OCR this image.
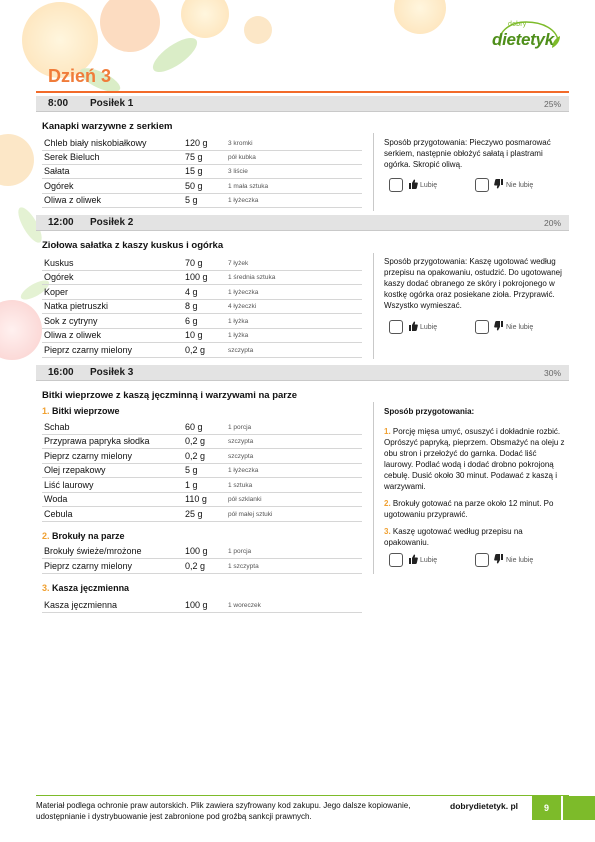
dobry
dietetyk
Dzień 3
8:00 Posiłek 1	25%
Kanapki warzywne z serkiem
Chleb biały niskobiałkowy	120 g	3 kromki
Serek Bieluch	75 g	pół kubka
Sałata	15 g	3 liście
Ogórek	50 g	1 mała sztuka
Oliwa z oliwek	5 g	1 łyżeczka
Sposób przygotowania: Pieczywo posmarować serkiem, następnie obłożyć sałatą i plastrami ogórka. Skropić oliwą.
Lubię	Nie lubię
12:00 Posiłek 2	20%
Ziołowa sałatka z kaszy kuskus i ogórka
Kuskus	70 g	7 łyżek
Ogórek	100 g	1 średnia sztuka
Koper	4 g	1 łyżeczka
Natka pietruszki	8 g	4 łyżeczki
Sok z cytryny	6 g	1 łyżka
Oliwa z oliwek	10 g	1 łyżka
Pieprz czarny mielony	0,2 g	szczypta
Sposób przygotowania: Kaszę ugotować według przepisu na opakowaniu, ostudzić. Do ugotowanej kaszy dodać obranego ze skóry i pokrojonego w kostkę ogórka oraz posiekane zioła. Przyprawić. Wszystko wymieszać.
Lubię	Nie lubię
16:00 Posiłek 3	30%
Bitki wieprzowe z kaszą jęczminną i warzywami na parze
1. Bitki wieprzowe
Schab	60 g	1 porcja
Przyprawa papryka słodka	0,2 g	szczypta
Pieprz czarny mielony	0,2 g	szczypta
Olej rzepakowy	5 g	1 łyżeczka
Liść laurowy	1 g	1 sztuka
Woda	110 g	pół szklanki
Cebula	25 g	pół małej sztuki
2. Brokuły na parze
Brokuły świeże/mrożone	100 g	1 porcja
Pieprz czarny mielony	0,2 g	1 szczypta
3. Kasza jęczmienna
Kasza jęczmienna	100 g	1 woreczek
Sposób przygotowania:
1. Porcję mięsa umyć, osuszyć i dokładnie rozbić. Oprószyć papryką, pieprzem. Obsmażyć na oleju z obu stron i przełożyć do garnka. Dodać liść laurowy. Podlać wodą i dodać drobno pokrojoną cebulę. Dusić około 30 minut. Podawać z kaszą i warzywami.
2. Brokuły gotować na parze około 12 minut. Po ugotowaniu przyprawić.
3. Kaszę ugotować według przepisu na opakowaniu.
Lubię	Nie lubię
Materiał podlega ochronie praw autorskich. Plik zawiera szyfrowany kod zakupu. Jego dalsze kopiowanie, udostępnianie i dystrybuowanie jest zabronione pod groźbą sankcji prawnych.
dobrydietetyk. pl	9
